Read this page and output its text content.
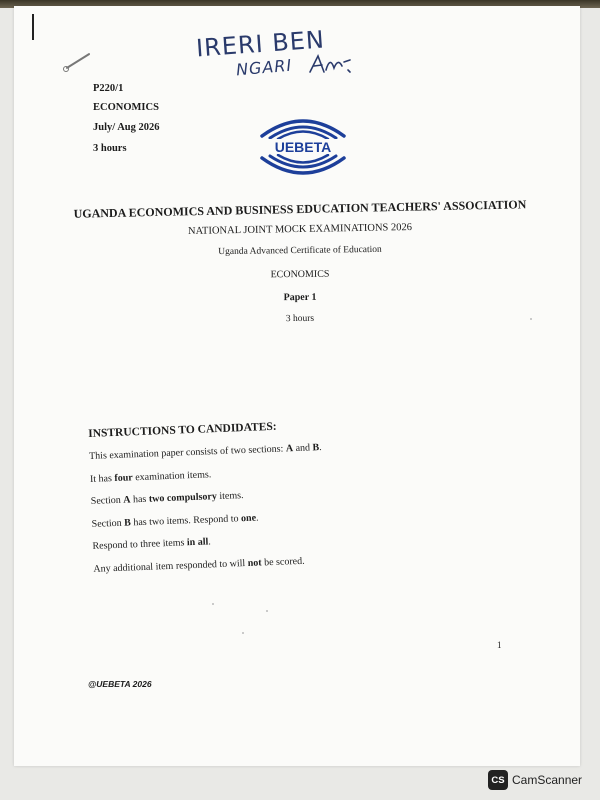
IRERI BEN
NGARI
P220/1
ECONOMICS
July/ Aug 2026
3 hours	UEBETA
UGANDA ECONOMICS AND BUSINESS EDUCATION TEACHERS' ASSOCIATION
NATIONAL JOINT MOCK EXAMINATIONS 2026
Uganda Advanced Certificate of Education
ECONOMICS
Paper 1
3 hours
INSTRUCTIONS TO CANDIDATES:
This examination paper consists of two sections: A and B.
It has four examination items.
Section A has two compulsory items.
Section B has two items. Respond to one.
Respond to three items in all.
Any additional item responded to will not be scored.
1
@UEBETA 2026
CS CamScanner
